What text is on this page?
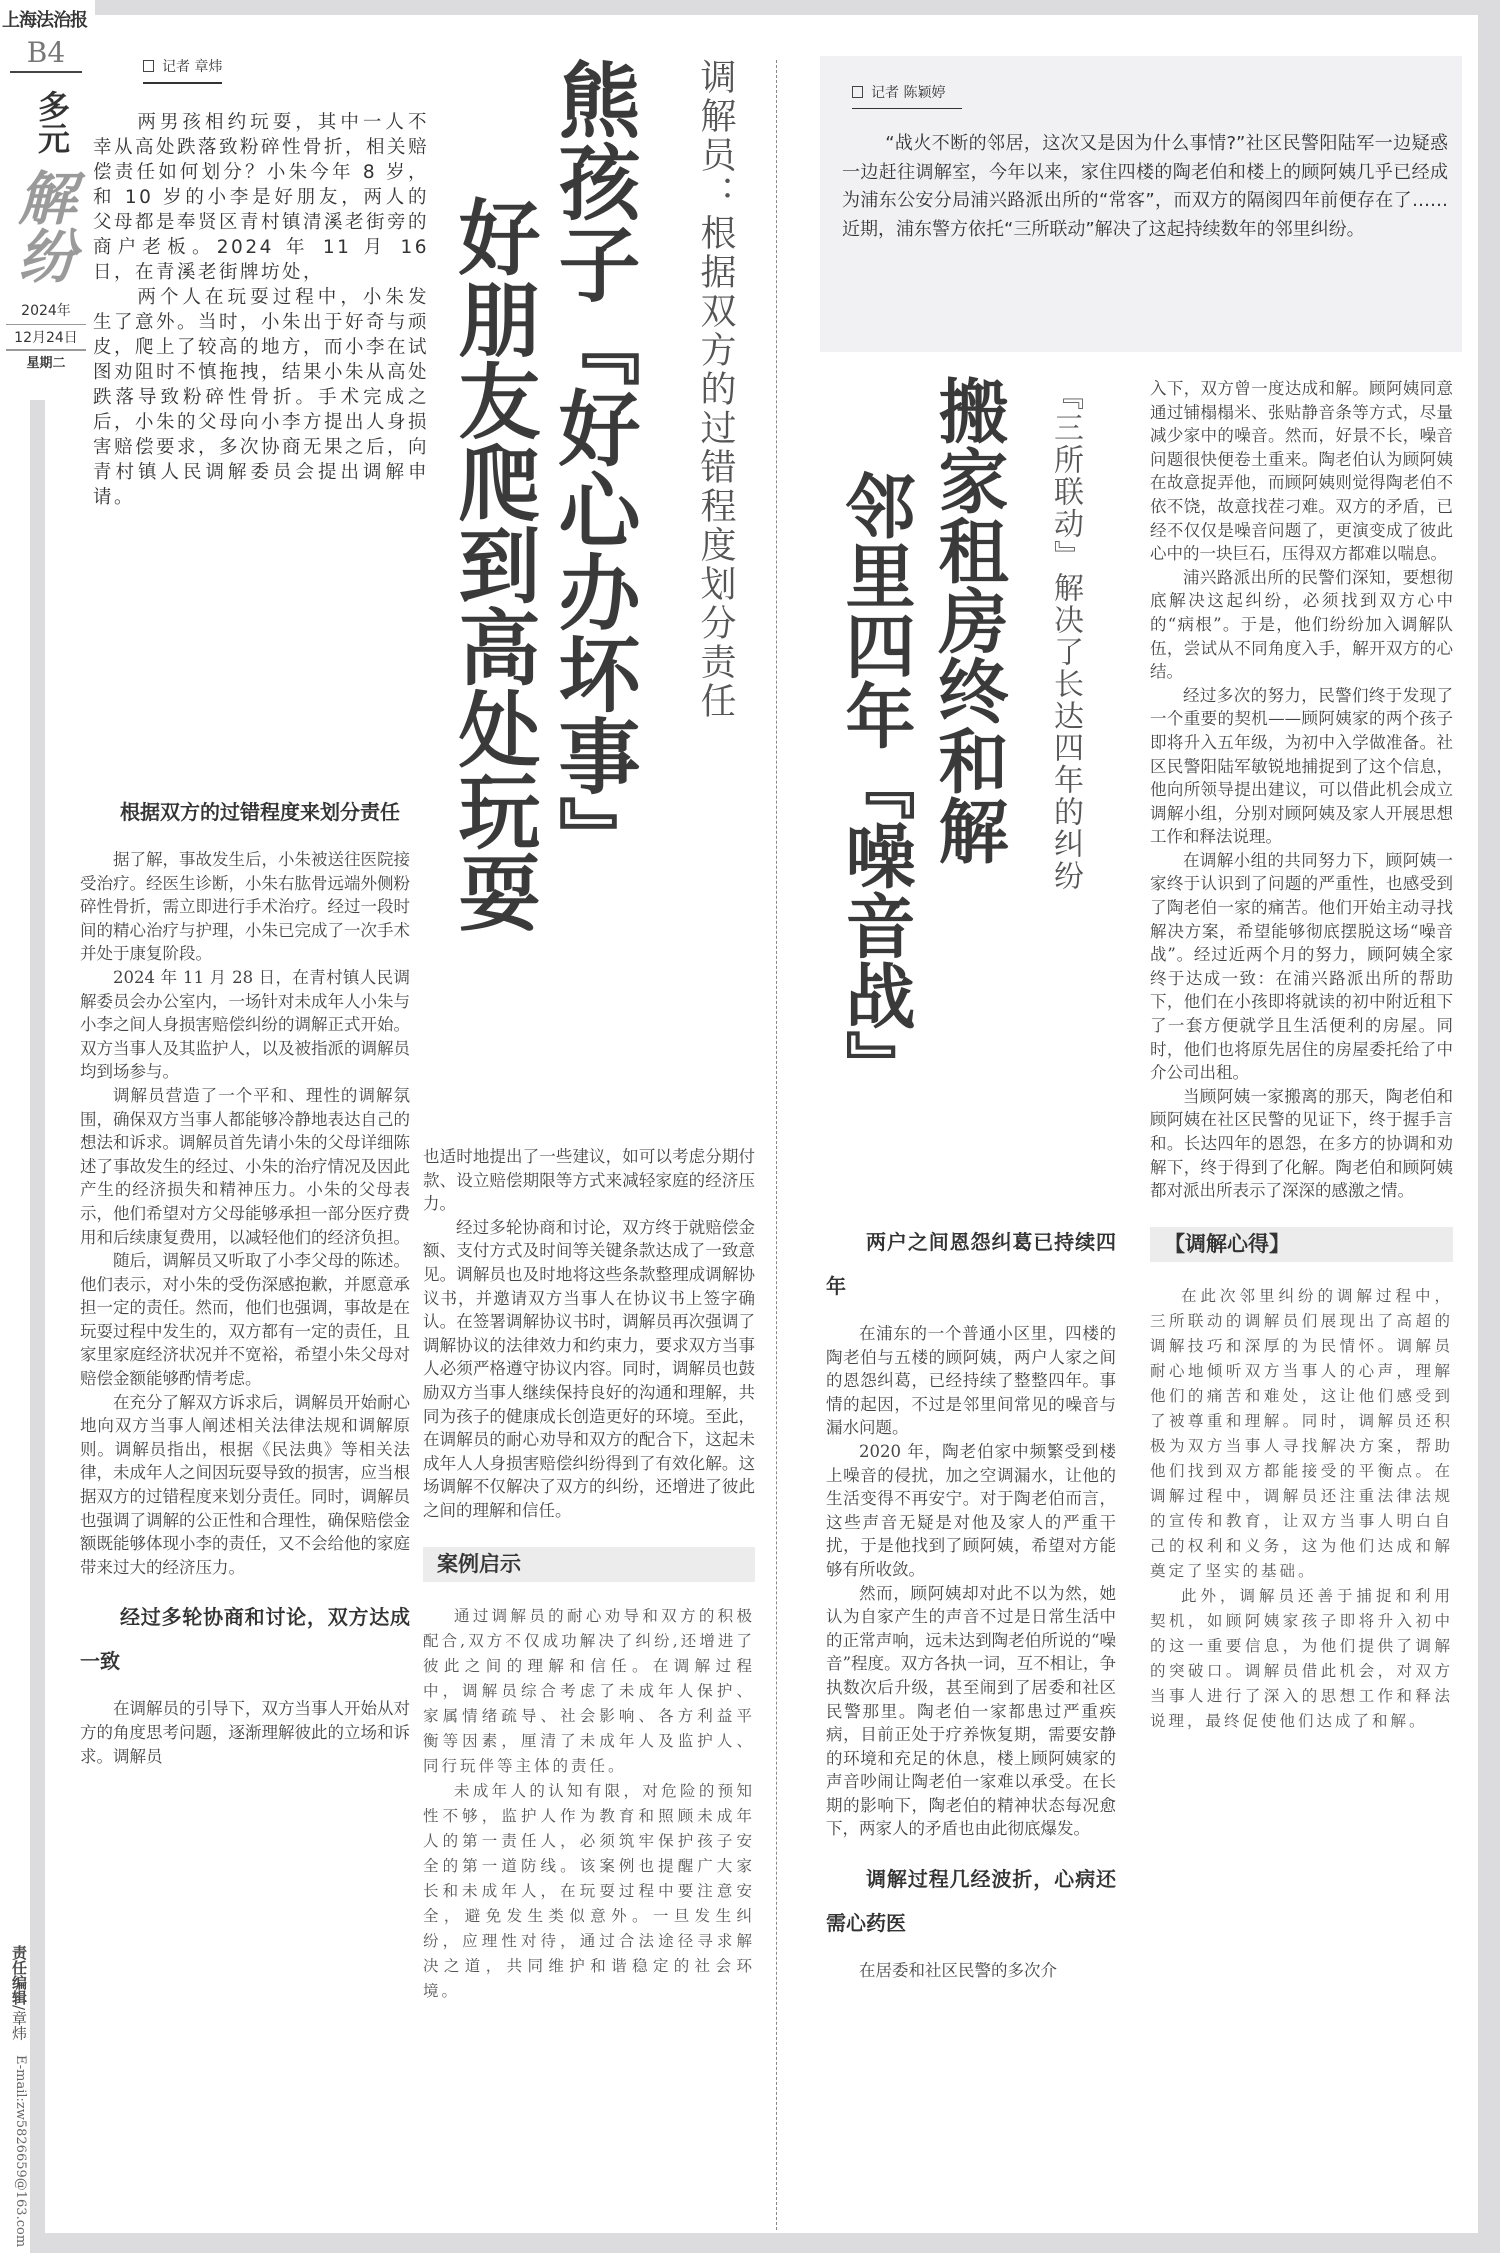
上海法治报
B4
多元
解纷
2024年
12月24日
星期二
责任编辑/章炜
E-mail:zw5826659@163.com
记者 章炜

两男孩相约玩耍，其中一人不幸从高处跌落致粉碎性骨折，相关赔偿责任如何划分？小朱今年 8 岁，和 10 岁的小李是好朋友，两人的父母都是奉贤区青村镇清溪老街旁的商户老板。2024 年 11 月 16 日，在青溪老街牌坊处，

两个人在玩耍过程中，小朱发生了意外。当时，小朱出于好奇与顽皮，爬上了较高的地方，而小李在试图劝阻时不慎拖拽，结果小朱从高处跌落导致粉碎性骨折。手术完成之后，小朱的父母向小李方提出人身损害赔偿要求，多次协商无果之后，向青村镇人民调解委员会提出调解申请。	调解员：根据双方的过错程度划分责任
熊孩子『好心办坏事』
好朋友爬到高处玩耍
根据双方的过错程度来划分责任

据了解，事故发生后，小朱被送往医院接受治疗。经医生诊断，小朱右肱骨远端外侧粉碎性骨折，需立即进行手术治疗。经过一段时间的精心治疗与护理，小朱已完成了一次手术并处于康复阶段。

2024 年 11 月 28 日，在青村镇人民调解委员会办公室内，一场针对未成年人小朱与小李之间人身损害赔偿纠纷的调解正式开始。双方当事人及其监护人，以及被指派的调解员均到场参与。

调解员营造了一个平和、理性的调解氛围，确保双方当事人都能够冷静地表达自己的想法和诉求。调解员首先请小朱的父母详细陈述了事故发生的经过、小朱的治疗情况及因此产生的经济损失和精神压力。小朱的父母表示，他们希望对方父母能够承担一部分医疗费用和后续康复费用，以减轻他们的经济负担。

随后，调解员又听取了小李父母的陈述。他们表示，对小朱的受伤深感抱歉，并愿意承担一定的责任。然而，他们也强调，事故是在玩耍过程中发生的，双方都有一定的责任，且家里家庭经济状况并不宽裕，希望小朱父母对赔偿金额能够酌情考虑。

在充分了解双方诉求后，调解员开始耐心地向双方当事人阐述相关法律法规和调解原则。调解员指出，根据《民法典》等相关法律，未成年人之间因玩耍导致的损害，应当根据双方的过错程度来划分责任。同时，调解员也强调了调解的公正性和合理性，确保赔偿金额既能够体现小李的责任，又不会给他的家庭带来过大的经济压力。

经过多轮协商和讨论，双方达成一致

在调解员的引导下，双方当事人开始从对方的角度思考问题，逐渐理解彼此的立场和诉求。调解员

也适时地提出了一些建议，如可以考虑分期付款、设立赔偿期限等方式来减轻家庭的经济压力。

经过多轮协商和讨论，双方终于就赔偿金额、支付方式及时间等关键条款达成了一致意见。调解员也及时地将这些条款整理成调解协议书，并邀请双方当事人在协议书上签字确认。在签署调解协议书时，调解员再次强调了调解协议的法律效力和约束力，要求双方当事人必须严格遵守协议内容。同时，调解员也鼓励双方当事人继续保持良好的沟通和理解，共同为孩子的健康成长创造更好的环境。至此，在调解员的耐心劝导和双方的配合下，这起未成年人人身损害赔偿纠纷得到了有效化解。这场调解不仅解决了双方的纠纷，还增进了彼此之间的理解和信任。

案例启示

通过调解员的耐心劝导和双方的积极配合,双方不仅成功解决了纠纷,还增进了彼此之间的理解和信任。在调解过程中，调解员综合考虑了未成年人保护、家属情绪疏导、社会影响、各方利益平衡等因素，厘清了未成年人及监护人、同行玩伴等主体的责任。

未成年人的认知有限，对危险的预知性不够，监护人作为教育和照顾未成年人的第一责任人，必须筑牢保护孩子安全的第一道防线。该案例也提醒广大家长和未成年人，在玩耍过程中要注意安全，避免发生类似意外。一旦发生纠纷，应理性对待，通过合法途径寻求解决之道，共同维护和谐稳定的社会环境。

记者 陈颖婷

“战火不断的邻居，这次又是因为什么事情?”社区民警阳陆军一边疑惑一边赶往调解室，今年以来，家住四楼的陶老伯和楼上的顾阿姨几乎已经成为浦东公安分局浦兴路派出所的“常客”，而双方的隔阂四年前便存在了……近期，浦东警方依托“三所联动”解决了这起持续数年的邻里纠纷。

『三所联动』解决了长达四年的纠纷
搬家租房终和解
邻里四年『噪音战』
两户之间恩怨纠葛已持续四年

在浦东的一个普通小区里，四楼的陶老伯与五楼的顾阿姨，两户人家之间的恩怨纠葛，已经持续了整整四年。事情的起因，不过是邻里间常见的噪音与漏水问题。

2020 年，陶老伯家中频繁受到楼上噪音的侵扰，加之空调漏水，让他的生活变得不再安宁。对于陶老伯而言，这些声音无疑是对他及家人的严重干扰，于是他找到了顾阿姨，希望对方能够有所收敛。

然而，顾阿姨却对此不以为然，她认为自家产生的声音不过是日常生活中的正常声响，远未达到陶老伯所说的“噪音”程度。双方各执一词，互不相让，争执数次后升级，甚至闹到了居委和社区民警那里。陶老伯一家都患过严重疾病，目前正处于疗养恢复期，需要安静的环境和充足的休息，楼上顾阿姨家的声音吵闹让陶老伯一家难以承受。在长期的影响下，陶老伯的精神状态每况愈下，两家人的矛盾也由此彻底爆发。

调解过程几经波折，心病还需心药医

在居委和社区民警的多次介

入下，双方曾一度达成和解。顾阿姨同意通过铺榻榻米、张贴静音条等方式，尽量减少家中的噪音。然而，好景不长，噪音问题很快便卷土重来。陶老伯认为顾阿姨在故意捉弄他，而顾阿姨则觉得陶老伯不依不饶，故意找茬刁难。双方的矛盾，已经不仅仅是噪音问题了，更演变成了彼此心中的一块巨石，压得双方都难以喘息。

浦兴路派出所的民警们深知，要想彻底解决这起纠纷，必须找到双方心中的“病根”。于是，他们纷纷加入调解队伍，尝试从不同角度入手，解开双方的心结。

经过多次的努力，民警们终于发现了一个重要的契机——顾阿姨家的两个孩子即将升入五年级，为初中入学做准备。社区民警阳陆军敏锐地捕捉到了这个信息，他向所领导提出建议，可以借此机会成立调解小组，分别对顾阿姨及家人开展思想工作和释法说理。

在调解小组的共同努力下，顾阿姨一家终于认识到了问题的严重性，也感受到了陶老伯一家的痛苦。他们开始主动寻找解决方案，希望能够彻底摆脱这场“噪音战”。经过近两个月的努力，顾阿姨全家终于达成一致：在浦兴路派出所的帮助下，他们在小孩即将就读的初中附近租下了一套方便就学且生活便利的房屋。同时，他们也将原先居住的房屋委托给了中介公司出租。

当顾阿姨一家搬离的那天，陶老伯和顾阿姨在社区民警的见证下，终于握手言和。长达四年的恩怨，在多方的协调和劝解下，终于得到了化解。陶老伯和顾阿姨都对派出所表示了深深的感激之情。

【调解心得】

在此次邻里纠纷的调解过程中，三所联动的调解员们展现出了高超的调解技巧和深厚的为民情怀。调解员耐心地倾听双方当事人的心声，理解他们的痛苦和难处，这让他们感受到了被尊重和理解。同时，调解员还积极为双方当事人寻找解决方案，帮助他们找到双方都能接受的平衡点。在调解过程中，调解员还注重法律法规的宣传和教育，让双方当事人明白自己的权利和义务，这为他们达成和解奠定了坚实的基础。

此外，调解员还善于捕捉和利用契机，如顾阿姨家孩子即将升入初中的这一重要信息，为他们提供了调解的突破口。调解员借此机会，对双方当事人进行了深入的思想工作和释法说理，最终促使他们达成了和解。
